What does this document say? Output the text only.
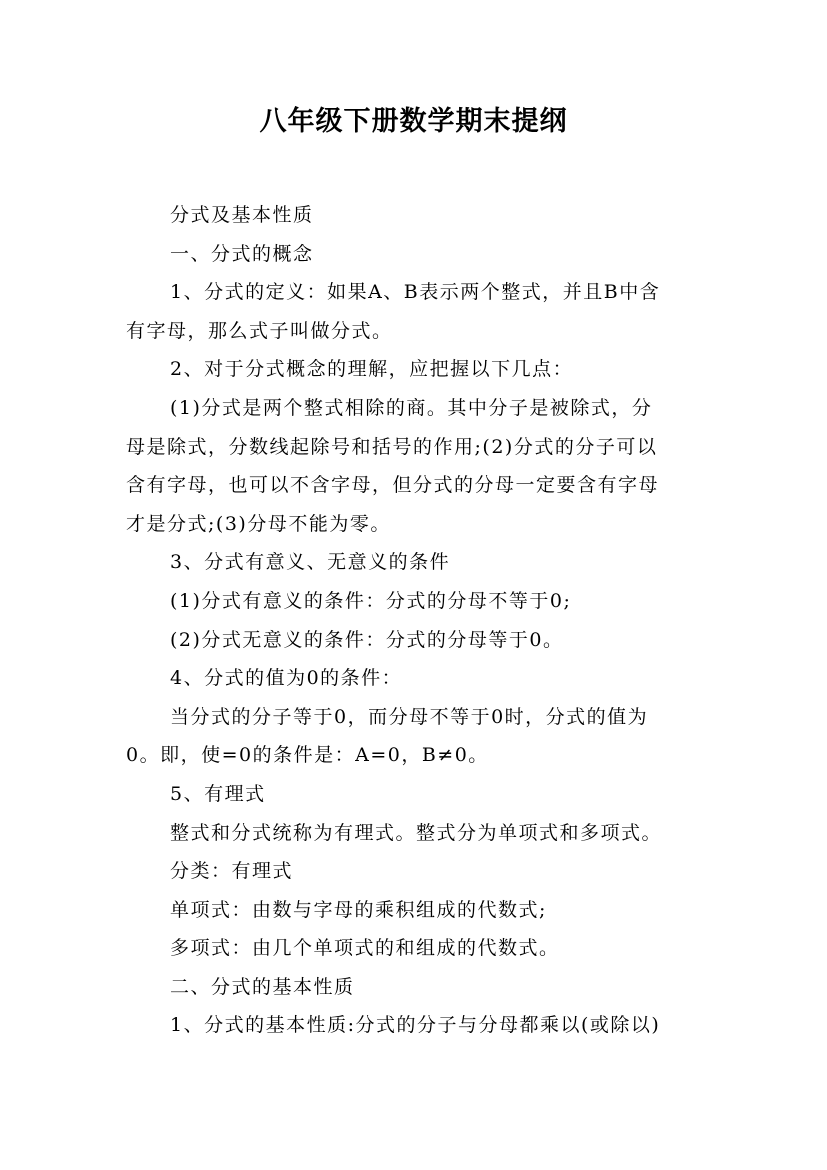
八年级下册数学期末提纲
分式及基本性质
一、分式的概念
1、分式的定义：如果A、B表示两个整式，并且B中含
有字母，那么式子叫做分式。
2、对于分式概念的理解，应把握以下几点：
(1)分式是两个整式相除的商。其中分子是被除式，分
母是除式，分数线起除号和括号的作用;(2)分式的分子可以
含有字母，也可以不含字母，但分式的分母一定要含有字母
才是分式;(3)分母不能为零。
3、分式有意义、无意义的条件
(1)分式有意义的条件：分式的分母不等于0;
(2)分式无意义的条件：分式的分母等于0。
4、分式的值为0的条件：
当分式的分子等于0，而分母不等于0时，分式的值为
0。即，使=0的条件是：A=0，B≠0。
5、有理式
整式和分式统称为有理式。整式分为单项式和多项式。
分类：有理式
单项式：由数与字母的乘积组成的代数式;
多项式：由几个单项式的和组成的代数式。
二、分式的基本性质
1、分式的基本性质:分式的分子与分母都乘以(或除以)
